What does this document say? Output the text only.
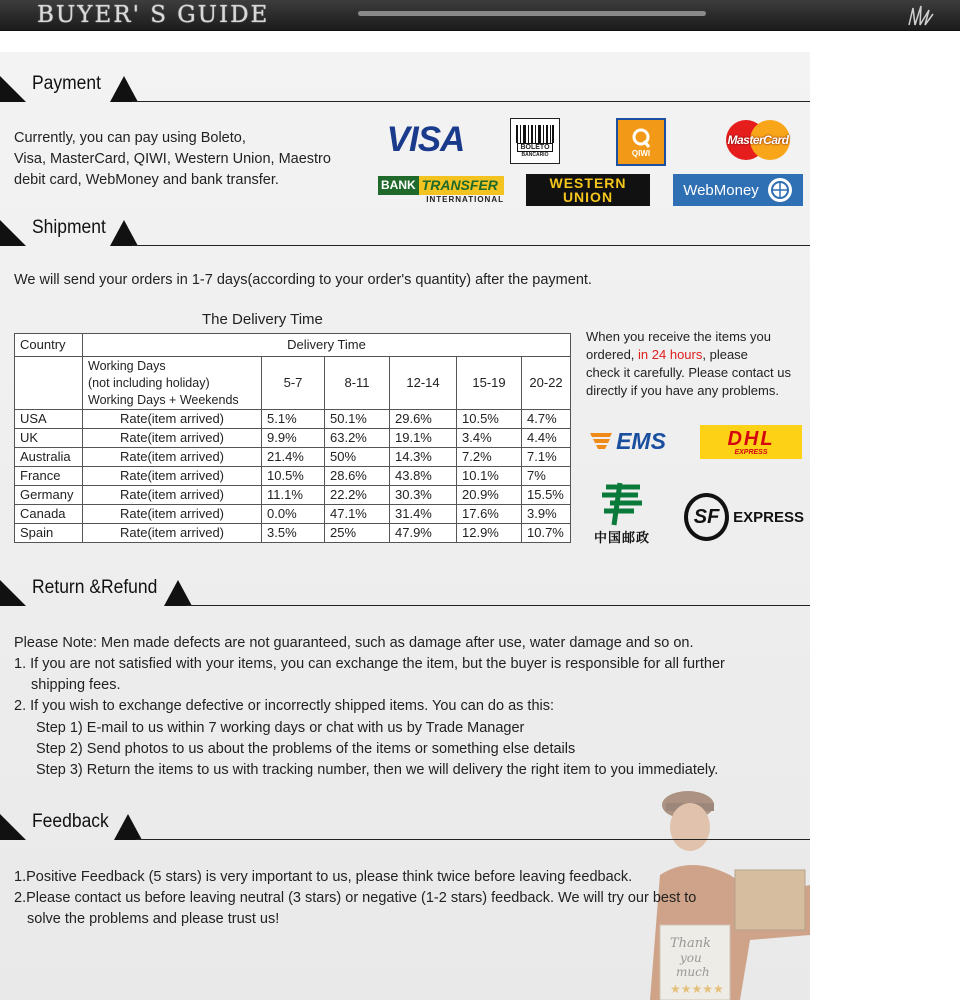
BUYER' S GUIDE
Thank
you
much
★★★★★
Payment
Currently, you can pay using Boleto,
Visa, MasterCard, QIWI, Western Union, Maestro
debit card, WebMoney and bank transfer.
VISA	BOLETO
BANCARIO	QIWI
MasterCard
BANK TRANSFER
INTERNATIONAL
WESTERN
UNION	WebMoney
Shipment
We will send your orders in 1-7 days(according to your order's quantity) after the payment.
The Delivery Time
Country	Delivery Time					

	Working Days
(not including holiday)
Working Days + Weekends	5-7	8-11	12-14	15-19	20-22
USA	Rate(item arrived)	5.1%	50.1%	29.6%	10.5%	4.7%
UK	Rate(item arrived)	9.9%	63.2%	19.1%	3.4%	4.4%
Australia	Rate(item arrived)	21.4%	50%	14.3%	7.2%	7.1%
France	Rate(item arrived)	10.5%	28.6%	43.8%	10.1%	7%
Germany	Rate(item arrived)	11.1%	22.2%	30.3%	20.9%	15.5%
Canada	Rate(item arrived)	0.0%	47.1%	31.4%	17.6%	3.9%
Spain	Rate(item arrived)	3.5%	25%	47.9%	12.9%	10.7%
When you receive the items you
ordered, in 24 hours, please
check it carefully. Please contact us
directly if you have any problems.
EMS	DHL
EXPRESS
中国邮政
SF EXPRESS
Return &Refund
Please Note: Men made defects are not guaranteed, such as damage after use, water damage and so on.
1. If you are not satisfied with your items, you can exchange the item, but the buyer is responsible for all further
shipping fees.
2. If you wish to exchange defective or incorrectly shipped items. You can do as this:
Step 1) E-mail to us within 7 working days or chat with us by Trade Manager
Step 2) Send photos to us about the problems of the items or something else details
Step 3) Return the items to us with tracking number, then we will delivery the right item to you immediately.
Feedback
1.Positive Feedback (5 stars) is very important to us, please think twice before leaving feedback.
2.Please contact us before leaving neutral (3 stars) or negative (1-2 stars) feedback. We will try our best to
solve the problems and please trust us!
